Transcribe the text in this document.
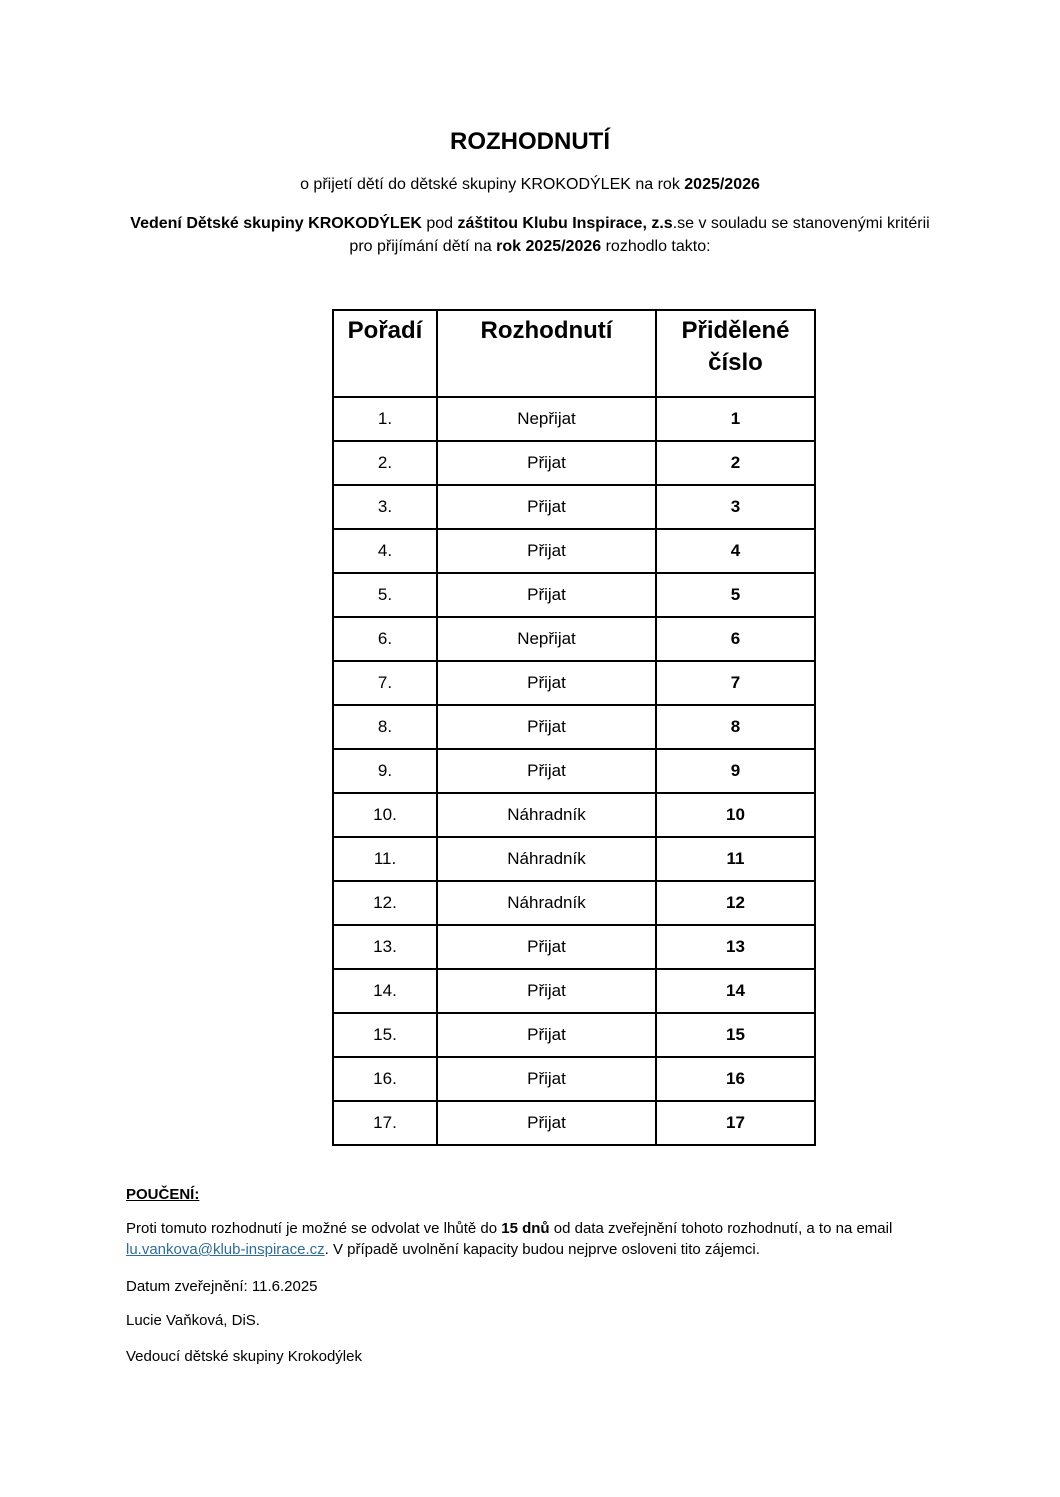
ROZHODNUTÍ
o přijetí dětí do dětské skupiny KROKODÝLEK na rok 2025/2026
Vedení Dětské skupiny KROKODÝLEK pod záštitou Klubu Inspirace, z.s.se v souladu se stanovenými kritérii pro přijímání dětí na rok 2025/2026 rozhodlo takto:
Pořadí	Rozhodnutí	Přidělené číslo
1.	Nepřijat	1
2.	Přijat	2
3.	Přijat	3
4.	Přijat	4
5.	Přijat	5
6.	Nepřijat	6
7.	Přijat	7
8.	Přijat	8
9.	Přijat	9
10.	Náhradník	10
11.	Náhradník	11
12.	Náhradník	12
13.	Přijat	13
14.	Přijat	14
15.	Přijat	15
16.	Přijat	16
17.	Přijat	17
POUČENÍ:
Proti tomuto rozhodnutí je možné se odvolat ve lhůtě do 15 dnů od data zveřejnění tohoto rozhodnutí, a to na email lu.vankova@klub-inspirace.cz. V případě uvolnění kapacity budou nejprve osloveni tito zájemci.
Datum zveřejnění: 11.6.2025
Lucie Vaňková, DiS.
Vedoucí dětské skupiny Krokodýlek
